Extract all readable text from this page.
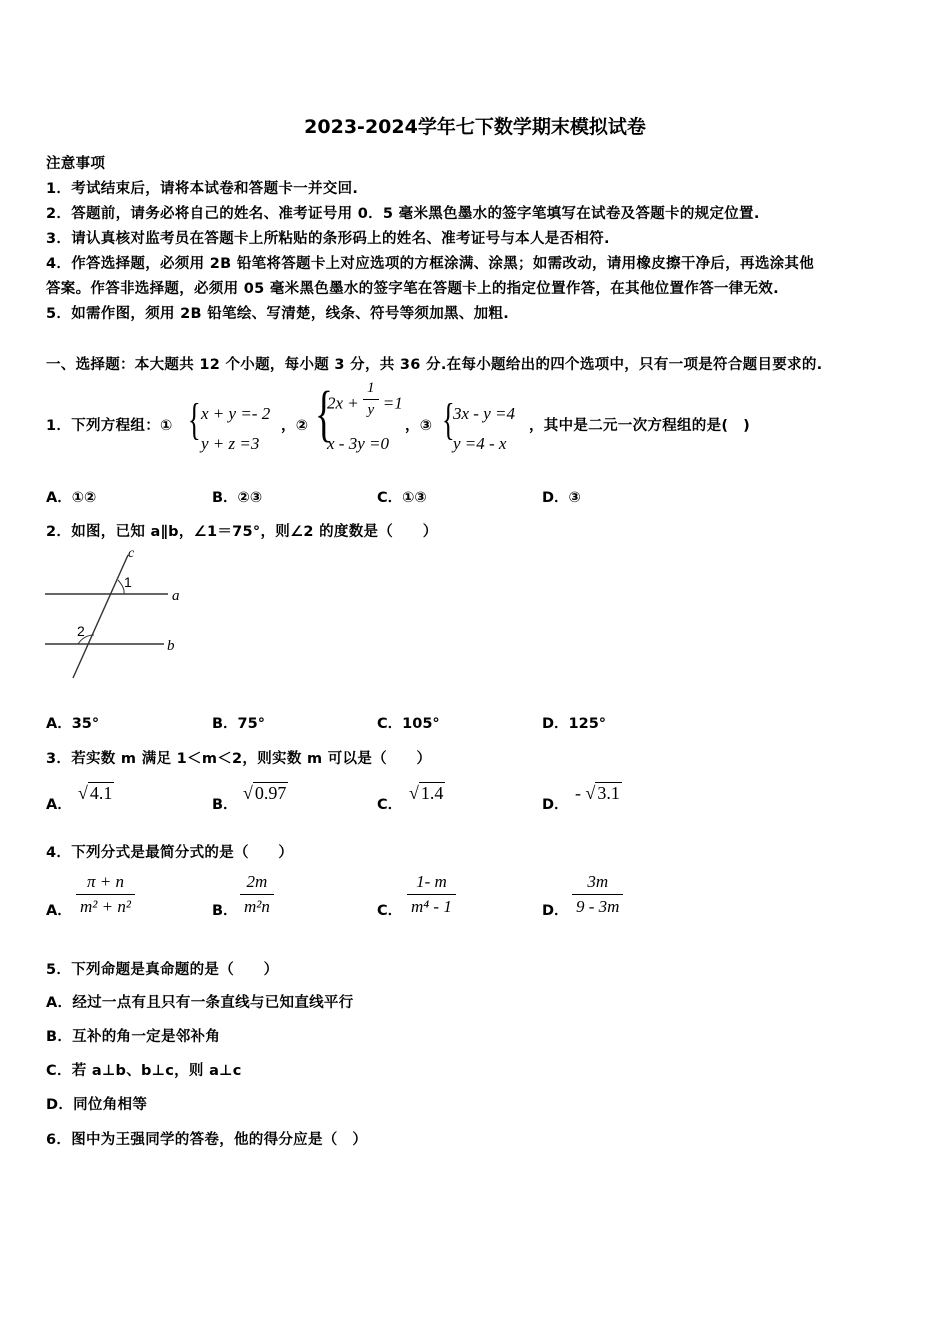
2023-2024学年七下数学期末模拟试卷
注意事项
1．考试结束后，请将本试卷和答题卡一并交回.
2．答题前，请务必将自己的姓名、准考证号用 0．5 毫米黑色墨水的签字笔填写在试卷及答题卡的规定位置.
3．请认真核对监考员在答题卡上所粘贴的条形码上的姓名、准考证号与本人是否相符.
4．作答选择题，必须用 2B 铅笔将答题卡上对应选项的方框涂满、涂黑；如需改动，请用橡皮擦干净后，再选涂其他
答案。作答非选择题，必须用 05 毫米黑色墨水的签字笔在答题卡上的指定位置作答，在其他位置作答一律无效.
5．如需作图，须用 2B 铅笔绘、写清楚，线条、符号等须加黑、加粗.
一、选择题：本大题共 12 个小题，每小题 3 分，共 36 分.在每小题给出的四个选项中，只有一项是符合题目要求的.
1．下列方程组：① { x + y =- 2
y + z =3
，② {
$2x + \frac{1}{y} =1$
x - 3y =0
，③ {
3x - y =4
y =4 - x
，其中是二元一次方程组的是(　)
A．①②	B．②③	C．①③	D．③
2．如图，已知 a∥b，∠1＝75°，则∠2 的度数是（　　）
c
1
a
2
b
A．35°	B．75°	C．105°	D．125°
3．若实数 m 满足 1＜m＜2，则实数 m 可以是（　　）
A．
√ 4.1
B．
√ 0.97
C．
√ 1.4
D．
- √ 3.1
4．下列分式是最简分式的是（　　）
A． $\frac{\pi + n}{\text{m² + n²}}$	B． $\frac{2m}{\text{m²n}}$	C． $\frac{1- m}{\text{m⁴ - 1}}$	D． $\frac{3m}{9 - 3m}$
5．下列命题是真命题的是（　　）
A．经过一点有且只有一条直线与已知直线平行
B．互补的角一定是邻补角
C．若 a⊥b、b⊥c，则 a⊥c
D．同位角相等
6．图中为王强同学的答卷，他的得分应是（　）
